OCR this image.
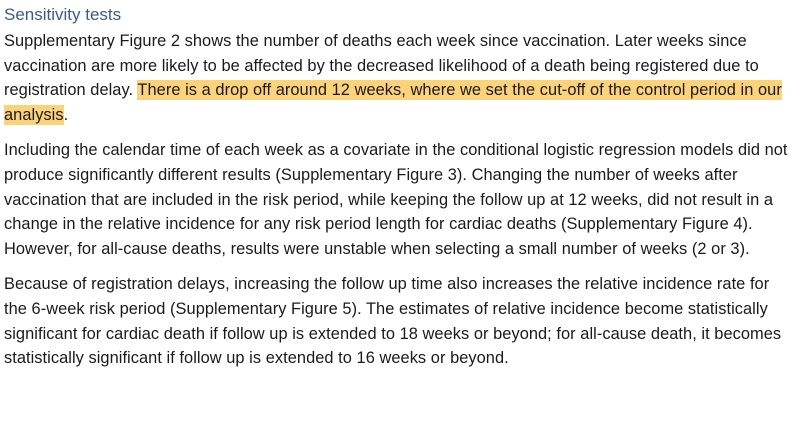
Sensitivity tests

Supplementary Figure 2 shows the number of deaths each week since vaccination. Later weeks since vaccination are more likely to be affected by the decreased likelihood of a death being registered due to registration delay. There is a drop off around 12 weeks, where we set the cut-off of the control period in our analysis.

Including the calendar time of each week as a covariate in the conditional logistic regression models did not produce significantly different results (Supplementary Figure 3). Changing the number of weeks after vaccination that are included in the risk period, while keeping the follow up at 12 weeks, did not result in a change in the relative incidence for any risk period length for cardiac deaths (Supplementary Figure 4). However, for all-cause deaths, results were unstable when selecting a small number of weeks (2 or 3).

Because of registration delays, increasing the follow up time also increases the relative incidence rate for the 6-week risk period (Supplementary Figure 5). The estimates of relative incidence become statistically significant for cardiac death if follow up is extended to 18 weeks or beyond; for all-cause death, it becomes statistically significant if follow up is extended to 16 weeks or beyond.
